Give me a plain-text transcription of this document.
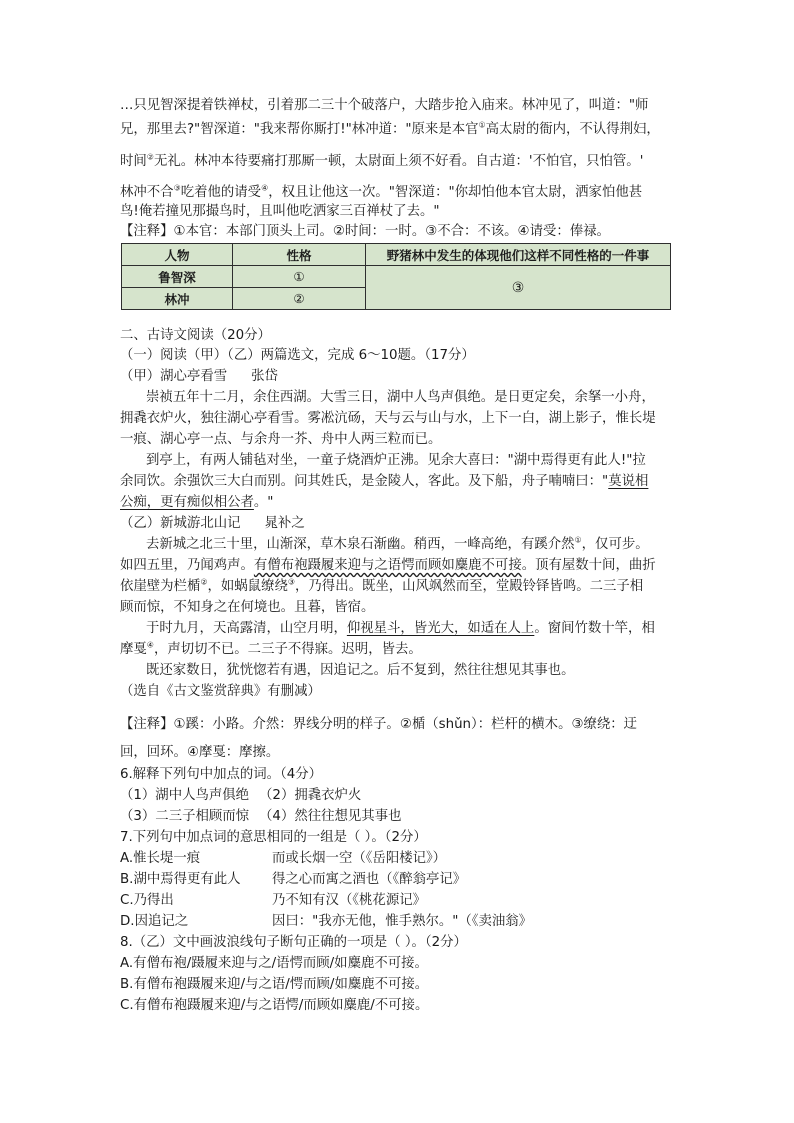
…只见智深提着铁禅杖，引着那二三十个破落户，大踏步抢入庙来。林冲见了，叫道："师
兄，那里去?"智深道："我来帮你厮打!"林冲道："原来是本官①高太尉的衙内，不认得荆妇，
时间②无礼。林冲本待要痛打那厮一顿，太尉面上须不好看。自古道：'不怕官，只怕管。'
林冲不合③吃着他的请受④，权且让他这一次。"智深道："你却怕他本官太尉，洒家怕他甚
鸟!俺若撞见那撮鸟时，且叫他吃洒家三百禅杖了去。"
【注释】①本官：本部门顶头上司。②时间：一时。③不合：不该。④请受：俸禄。
人物	性格	野猪林中发生的体现他们这样不同性格的一件事
鲁智深	①	③
林冲	②	
二、古诗文阅读（20分）
（一）阅读（甲）（乙）两篇选文，完成 6～10题。（17分）
（甲）湖心亭看雪 张岱
崇祯五年十二月，余住西湖。大雪三日，湖中人鸟声俱绝。是日更定矣，余拏一小舟，
拥毳衣炉火，独往湖心亭看雪。雾凇沆砀，天与云与山与水，上下一白，湖上影子，惟长堤
一痕、湖心亭一点、与余舟一芥、舟中人两三粒而已。
到亭上，有两人铺毡对坐，一童子烧酒炉正沸。见余大喜曰："湖中焉得更有此人!"拉
余同饮。余强饮三大白而别。问其姓氏，是金陵人，客此。及下船，舟子喃喃曰："莫说相
公痴，更有痴似相公者。"
（乙）新城游北山记 晁补之
去新城之北三十里，山渐深，草木泉石渐幽。稍西，一峰高绝，有蹊介然①，仅可步。
如四五里，乃闻鸡声。有僧布袍蹑履来迎与之语愕而顾如麋鹿不可接。顶有屋数十间，曲折
依崖壁为栏楯②，如蜗鼠缭绕③，乃得出。既坐，山风飒然而至，堂殿铃铎皆鸣。二三子相
顾而惊，不知身之在何境也。且暮，皆宿。
于时九月，天高露清，山空月明，仰视星斗，皆光大，如适在人上。窗间竹数十竿，相
摩戛④，声切切不已。二三子不得寐。迟明，皆去。
既还家数日，犹恍惚若有遇，因追记之。后不复到，然往往想见其事也。
（选自《古文鉴赏辞典》有删减）
【注释】①蹊：小路。介然：界线分明的样子。②楯（shǔn）：栏杆的横木。③缭绕：迂
回，回环。④摩戛：摩擦。
6.解释下列句中加点的词。（4分）
（1）湖中人鸟声俱绝 （2）拥毳衣炉火
（3）二三子相顾而惊 （4）然往往想见其事也
7.下列句中加点词的意思相同的一组是（ ）。（2分）
A.惟长堤一痕	而或长烟一空（《岳阳楼记》）
B.湖中焉得更有此人 得之心而寓之酒也（《醉翁亭记》
C.乃得出	乃不知有汉（《桃花源记》
D.因追记之	因曰："我亦无他，惟手熟尔。"（《卖油翁》
8.（乙）文中画波浪线句子断句正确的一项是（ ）。（2分）
A.有僧布袍/蹑履来迎与之/语愕而顾/如麋鹿不可接。
B.有僧布袍蹑履来迎/与之语/愕而顾/如麋鹿不可接。
C.有僧布袍蹑履来迎/与之语愕/而顾如麋鹿/不可接。
